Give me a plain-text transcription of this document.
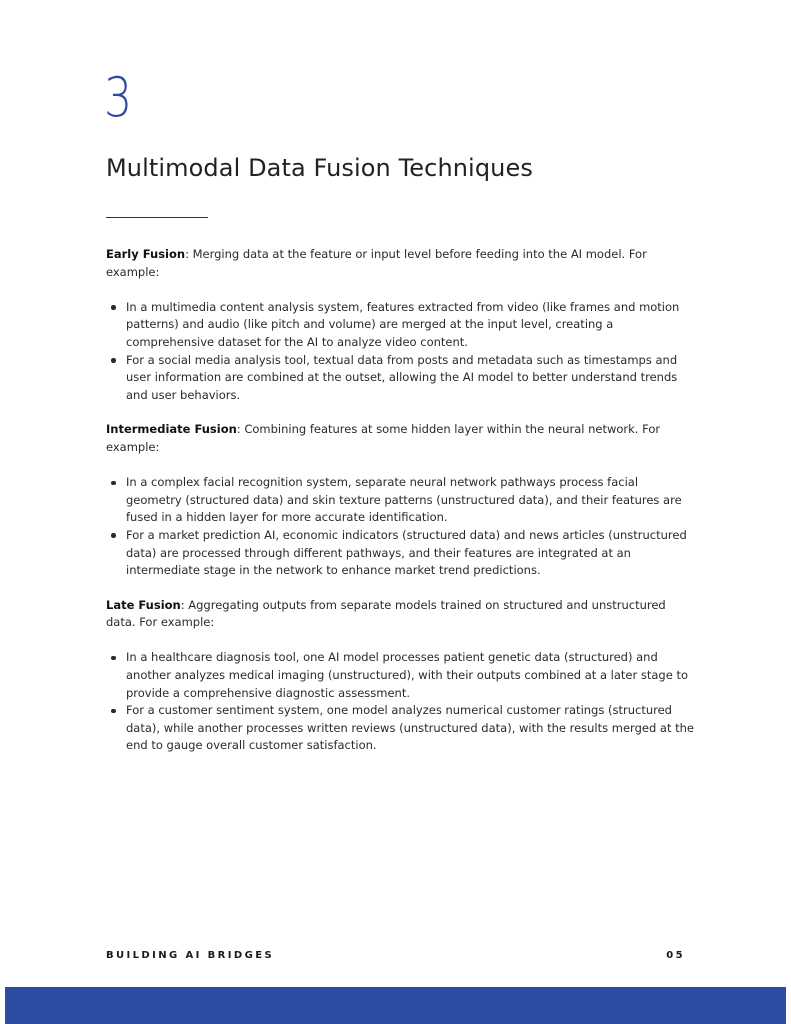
3
Multimodal Data Fusion Techniques

Early Fusion: Merging data at the feature or input level before feeding into the AI model. For example:

In a multimedia content analysis system, features extracted from video (like frames and motion patterns) and audio (like pitch and volume) are merged at the input level, creating a comprehensive dataset for the AI to analyze video content.
For a social media analysis tool, textual data from posts and metadata such as timestamps and user information are combined at the outset, allowing the AI model to better understand trends and user behaviors.

Intermediate Fusion: Combining features at some hidden layer within the neural network. For example:

In a complex facial recognition system, separate neural network pathways process facial geometry (structured data) and skin texture patterns (unstructured data), and their features are fused in a hidden layer for more accurate identification.
For a market prediction AI, economic indicators (structured data) and news articles (unstructured data) are processed through different pathways, and their features are integrated at an intermediate stage in the network to enhance market trend predictions.

Late Fusion: Aggregating outputs from separate models trained on structured and unstructured data. For example:

In a healthcare diagnosis tool, one AI model processes patient genetic data (structured) and another analyzes medical imaging (unstructured), with their outputs combined at a later stage to provide a comprehensive diagnostic assessment.
For a customer sentiment system, one model analyzes numerical customer ratings (structured data), while another processes written reviews (unstructured data), with the results merged at the end to gauge overall customer satisfaction.
BUILDING AI BRIDGES	05
